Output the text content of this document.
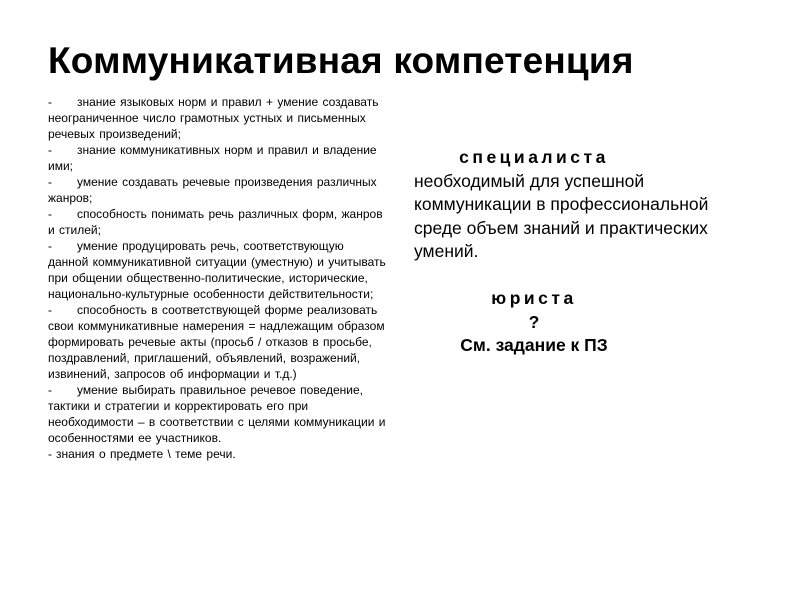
Коммуникативная компетенция
- знание языковых норм и правил + умение создавать неограниченное число грамотных устных и письменных речевых произведений;
- знание коммуникативных норм и правил и владение ими;
- умение создавать речевые произведения различных жанров;
- способность понимать речь различных форм, жанров и стилей;
- умение продуцировать речь, соответствующую данной коммуникативной ситуации (уместную) и учитывать при общении общественно-политические, исторические, национально-культурные особенности действительности;
- способность в соответствующей форме реализовать свои коммуникативные намерения = надлежащим образом формировать речевые акты (просьб / отказов в просьбе, поздравлений, приглашений, объявлений, возражений, извинений, запросов об информации и т.д.)
- умение выбирать правильное речевое поведение, тактики и стратегии и корректировать его при необходимости – в соответствии с целями коммуникации и особенностями ее участников.
- знания о предмете \ теме речи.
специалиста

необходимый для успешной коммуникации в профессиональной среде объем знаний и практических умений.

юриста
?
См. задание к ПЗ
